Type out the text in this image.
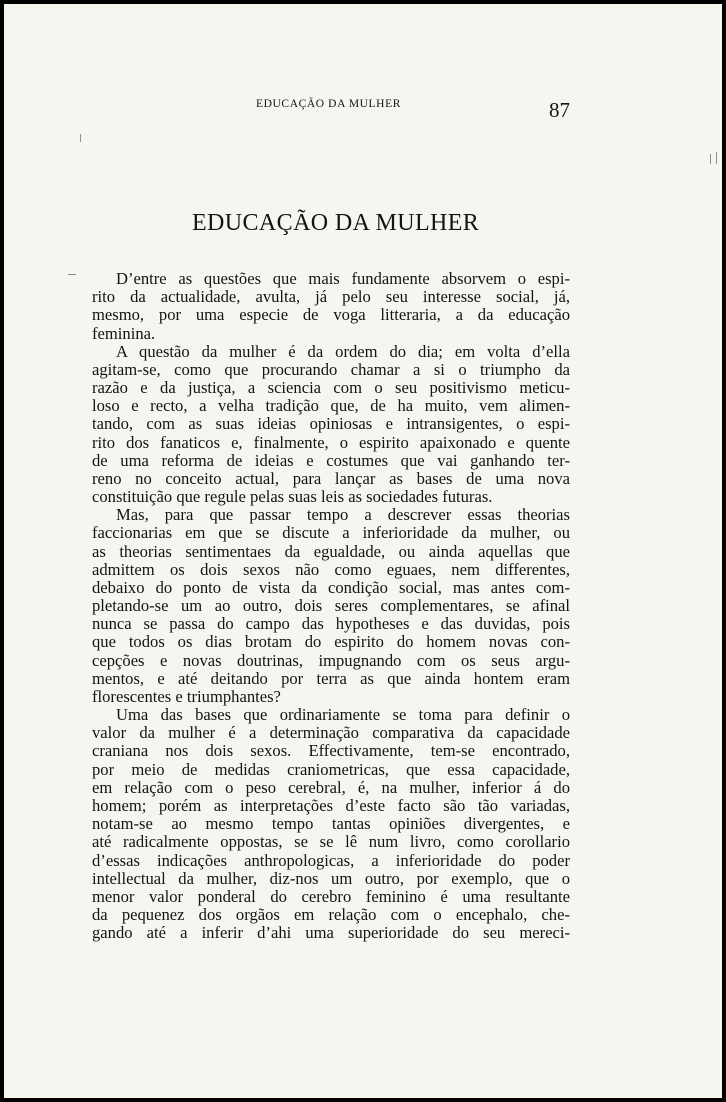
EDUCAÇÃO DA MULHER	87
EDUCAÇÃO DA MULHER
D’entre as questões que mais fundamente absorvem o espi-
rito da actualidade, avulta, já pelo seu interesse social, já,
mesmo, por uma especie de voga litteraria, a da educação
feminina.
A questão da mulher é da ordem do dia; em volta d’ella
agitam-se, como que procurando chamar a si o triumpho da
razão e da justiça, a sciencia com o seu positivismo meticu-
loso e recto, a velha tradição que, de ha muito, vem alimen-
tando, com as suas ideias opiniosas e intransigentes, o espi-
rito dos fanaticos e, finalmente, o espirito apaixonado e quente
de uma reforma de ideias e costumes que vai ganhando ter-
reno no conceito actual, para lançar as bases de uma nova
constituição que regule pelas suas leis as sociedades futuras.
Mas, para que passar tempo a descrever essas theorias
faccionarias em que se discute a inferioridade da mulher, ou
as theorias sentimentaes da egualdade, ou ainda aquellas que
admittem os dois sexos não como eguaes, nem differentes,
debaixo do ponto de vista da condição social, mas antes com-
pletando-se um ao outro, dois seres complementares, se afinal
nunca se passa do campo das hypotheses e das duvidas, pois
que todos os dias brotam do espirito do homem novas con-
cepções e novas doutrinas, impugnando com os seus argu-
mentos, e até deitando por terra as que ainda hontem eram
florescentes e triumphantes?
Uma das bases que ordinariamente se toma para definir o
valor da mulher é a determinação comparativa da capacidade
craniana nos dois sexos. Effectivamente, tem-se encontrado,
por meio de medidas craniometricas, que essa capacidade,
em relação com o peso cerebral, é, na mulher, inferior á do
homem; porém as interpretações d’este facto são tão variadas,
notam-se ao mesmo tempo tantas opiniões divergentes, e
até radicalmente oppostas, se se lê num livro, como corollario
d’essas indicações anthropologicas, a inferioridade do poder
intellectual da mulher, diz-nos um outro, por exemplo, que o
menor valor ponderal do cerebro feminino é uma resultante
da pequenez dos orgãos em relação com o encephalo, che-
gando até a inferir d’ahi uma superioridade do seu mereci-
